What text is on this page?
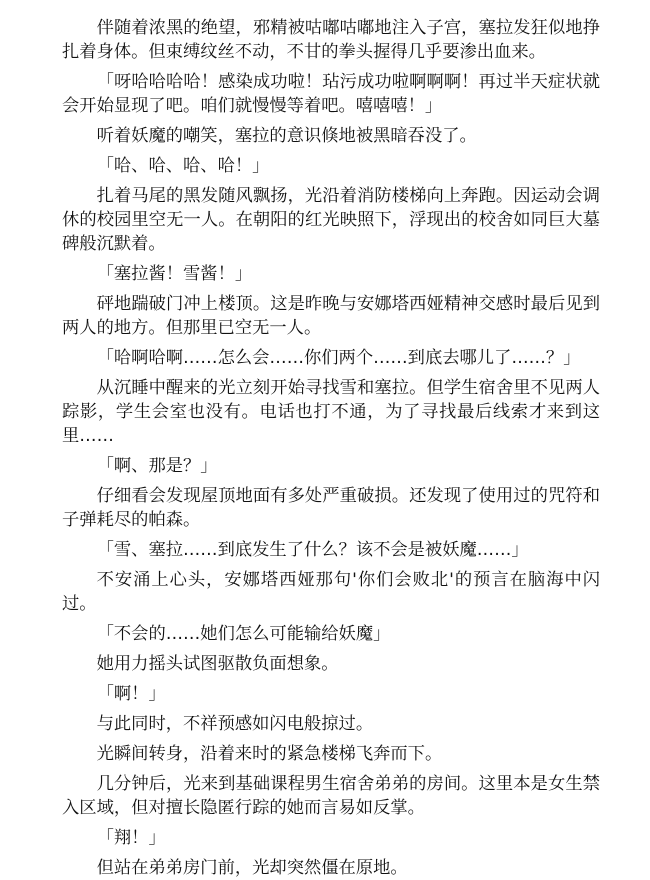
伴随着浓黑的绝望，邪精被咕嘟咕嘟地注入子宫，塞拉发狂似地挣扎着身体。但束缚纹丝不动，不甘的拳头握得几乎要渗出血来。

「呀哈哈哈哈！感染成功啦！玷污成功啦啊啊啊！再过半天症状就会开始显现了吧。咱们就慢慢等着吧。嘻嘻嘻！」

听着妖魔的嘲笑，塞拉的意识倏地被黑暗吞没了。

「哈、哈、哈、哈！」

扎着马尾的黑发随风飘扬，光沿着消防楼梯向上奔跑。因运动会调休的校园里空无一人。在朝阳的红光映照下，浮现出的校舍如同巨大墓碑般沉默着。

「塞拉酱！雪酱！」

砰地踹破门冲上楼顶。这是昨晚与安娜塔西娅精神交感时最后见到两人的地方。但那里已空无一人。

「哈啊哈啊……怎么会……你们两个……到底去哪儿了……？」

从沉睡中醒来的光立刻开始寻找雪和塞拉。但学生宿舍里不见两人踪影，学生会室也没有。电话也打不通，为了寻找最后线索才来到这里……

「啊、那是？」

仔细看会发现屋顶地面有多处严重破损。还发现了使用过的咒符和子弹耗尽的帕森。

「雪、塞拉……到底发生了什么？该不会是被妖魔……」

不安涌上心头，安娜塔西娅那句'你们会败北'的预言在脑海中闪过。

「不会的……她们怎么可能输给妖魔」

她用力摇头试图驱散负面想象。

「啊！」

与此同时，不祥预感如闪电般掠过。

光瞬间转身，沿着来时的紧急楼梯飞奔而下。

几分钟后，光来到基础课程男生宿舍弟弟的房间。这里本是女生禁入区域，但对擅长隐匿行踪的她而言易如反掌。

「翔！」

但站在弟弟房门前，光却突然僵在原地。
